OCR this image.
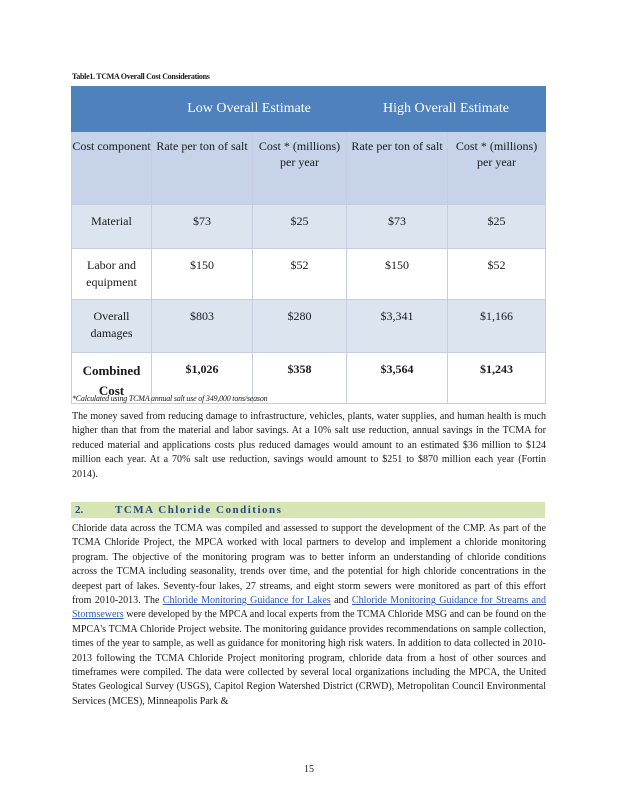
Table1. TCMA Overall Cost Considerations
	Low Overall Estimate		High Overall Estimate	
Cost component	Rate per ton of salt	Cost * (millions) per year	Rate per ton of salt	Cost * (millions) per year
Material	$73	$25	$73	$25
Labor and equipment	$150	$52	$150	$52
Overall damages	$803	$280	$3,341	$1,166
Combined Cost	$1,026	$358	$3,564	$1,243
*Calculated using TCMA annual salt use of 349,000 tons/season

The money saved from reducing damage to infrastructure, vehicles, plants, water supplies, and human health is much higher than that from the material and labor savings. At a 10% salt use reduction, annual savings in the TCMA for reduced material and applications costs plus reduced damages would amount to an estimated $36 million to $124 million each year. At a 70% salt use reduction, savings would amount to $251 to $870 million each year (Fortin 2014).

2.	TCMA Chloride Conditions

Chloride data across the TCMA was compiled and assessed to support the development of the CMP. As part of the TCMA Chloride Project, the MPCA worked with local partners to develop and implement a chloride monitoring program. The objective of the monitoring program was to better inform an understanding of chloride conditions across the TCMA including seasonality, trends over time, and the potential for high chloride concentrations in the deepest part of lakes. Seventy-four lakes, 27 streams, and eight storm sewers were monitored as part of this effort from 2010-2013. The Chloride Monitoring Guidance for Lakes and Chloride Monitoring Guidance for Streams and Stormsewers were developed by the MPCA and local experts from the TCMA Chloride MSG and can be found on the MPCA's TCMA Chloride Project website. The monitoring guidance provides recommendations on sample collection, times of the year to sample, as well as guidance for monitoring high risk waters. In addition to data collected in 2010-2013 following the TCMA Chloride Project monitoring program, chloride data from a host of other sources and timeframes were compiled. The data were collected by several local organizations including the MPCA, the United States Geological Survey (USGS), Capitol Region Watershed District (CRWD), Metropolitan Council Environmental Services (MCES), Minneapolis Park &

15
